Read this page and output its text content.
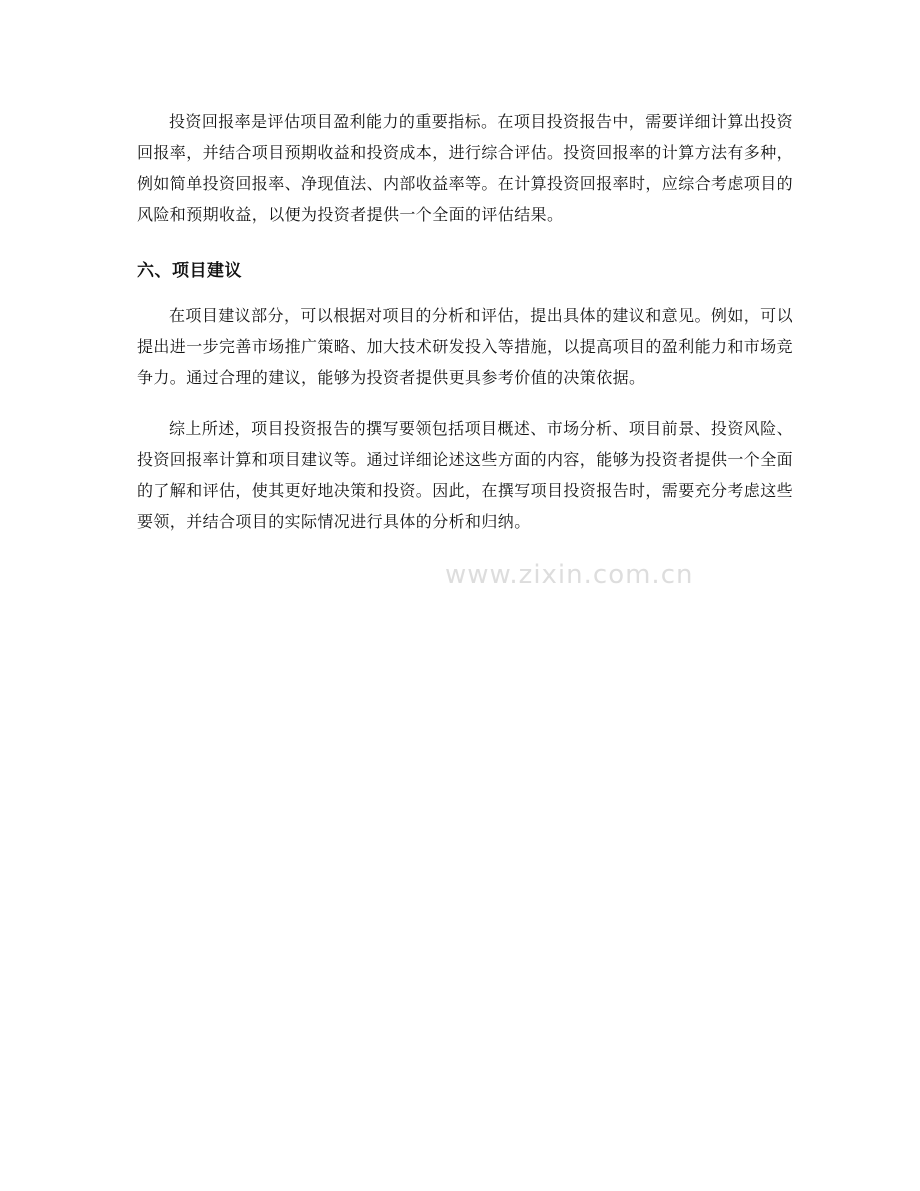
投资回报率是评估项目盈利能力的重要指标。在项目投资报告中，需要详细计算出投资回报率，并结合项目预期收益和投资成本，进行综合评估。投资回报率的计算方法有多种，例如简单投资回报率、净现值法、内部收益率等。在计算投资回报率时，应综合考虑项目的风险和预期收益，以便为投资者提供一个全面的评估结果。

六、项目建议

在项目建议部分，可以根据对项目的分析和评估，提出具体的建议和意见。例如，可以提出进一步完善市场推广策略、加大技术研发投入等措施，以提高项目的盈利能力和市场竞争力。通过合理的建议，能够为投资者提供更具参考价值的决策依据。

综上所述，项目投资报告的撰写要领包括项目概述、市场分析、项目前景、投资风险、投资回报率计算和项目建议等。通过详细论述这些方面的内容，能够为投资者提供一个全面的了解和评估，使其更好地决策和投资。因此，在撰写项目投资报告时，需要充分考虑这些要领，并结合项目的实际情况进行具体的分析和归纳。

www.zixin.com.cn
